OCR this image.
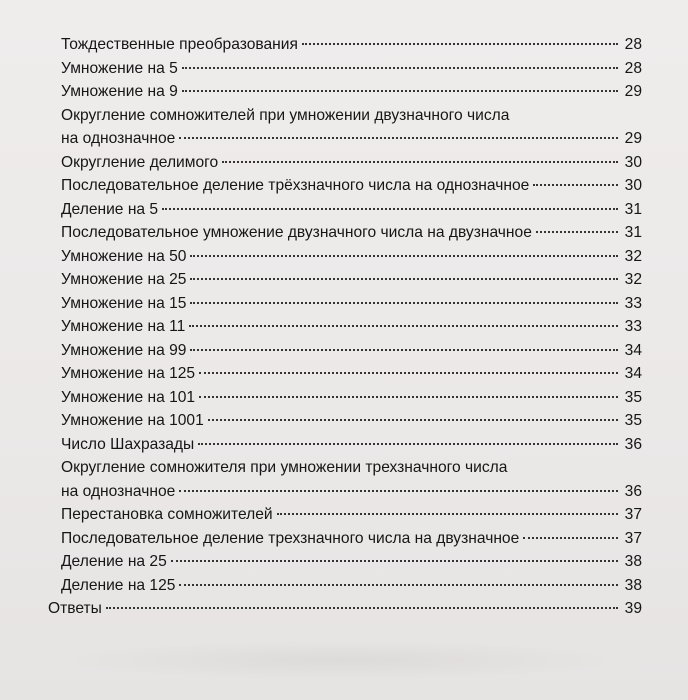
Тождественные преобразования	28
Умножение на 5	28
Умножение на 9	29
Округление сомножителей при умножении двузначного числа
на однозначное	29
Округление делимого	30
Последовательное деление трёхзначного числа на однозначное	30
Деление на 5	31
Последовательное умножение двузначного числа на двузначное	31
Умножение на 50	32
Умножение на 25	32
Умножение на 15	33
Умножение на 11	33
Умножение на 99	34
Умножение на 125	34
Умножение на 101	35
Умножение на 1001	35
Число Шахразады	36
Округление сомножителя при умножении трехзначного числа
на однозначное	36
Перестановка сомножителей	37
Последовательное деление трехзначного числа на двузначное	37
Деление на 25	38
Деление на 125	38
Ответы	39
